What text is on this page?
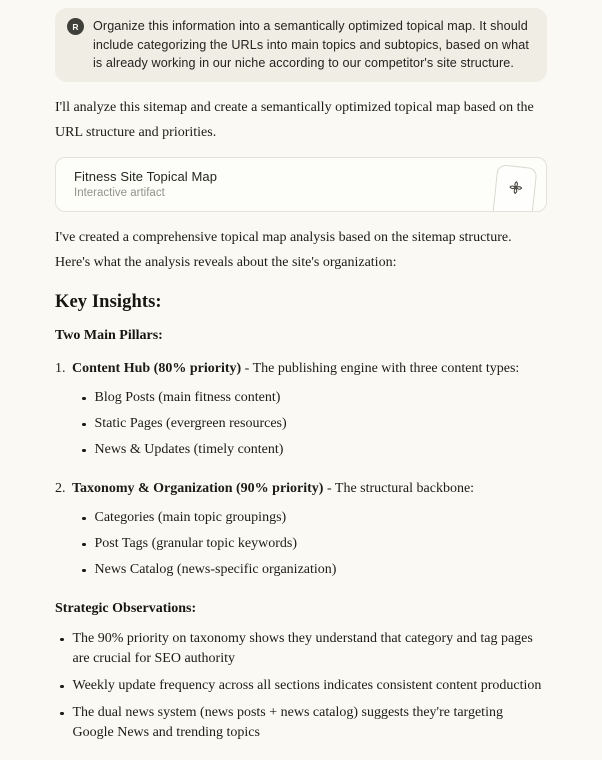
R	Organize this information into a semantically optimized topical map. It should include categorizing the URLs into main topics and subtopics, based on what is already working in our niche according to our competitor's site structure.
I'll analyze this sitemap and create a semantically optimized topical map based on the URL structure and priorities.
Fitness Site Topical Map
Interactive artifact
I've created a comprehensive topical map analysis based on the sitemap structure. Here's what the analysis reveals about the site's organization:
Key Insights:
Two Main Pillars:
1. Content Hub (80% priority) - The publishing engine with three content types:
Blog Posts (main fitness content)
Static Pages (evergreen resources)
News & Updates (timely content)
2. Taxonomy & Organization (90% priority) - The structural backbone:
Categories (main topic groupings)
Post Tags (granular topic keywords)
News Catalog (news-specific organization)
Strategic Observations:
The 90% priority on taxonomy shows they understand that category and tag pages are crucial for SEO authority
Weekly update frequency across all sections indicates consistent content production
The dual news system (news posts + news catalog) suggests they're targeting Google News and trending topics
